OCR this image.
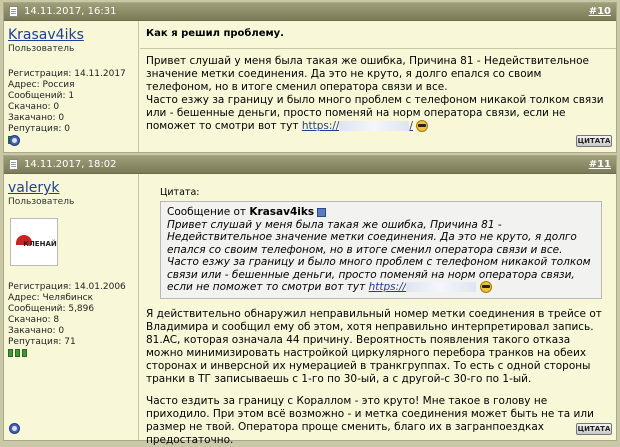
14.11.2017, 16:31	#10
Krasav4iks
Пользователь
Регистрация: 14.11.2017
Адрес: Россия
Сообщений: 1
Скачано: 0
Закачано: 0
Репутация: 0
Как я решил проблему.

Привет слушай у меня была такая же ошибка, Причина 81 - Недействительное значение метки соединения. Да это не круто, я долго епался со своим телефоном, но в итоге сменил оператора связи и все.

Часто езжу за границу и было много проблем с телефоном никакой толком связи или - бешенные деньги, просто поменяй на норм оператора связи, если не поможет то смотри вот тут https://	/

ЦИТАТА
14.11.2017, 18:02	#11
valeryk
Пользователь
КЛЕНАЙ
Регистрация: 14.01.2006
Адрес: Челябинск
Сообщений: 5,896
Скачано: 8
Закачано: 0
Репутация: 71
Цитата:
Сообщение от Krasav4iks

Привет слушай у меня была такая же ошибка, Причина 81 - Недействительное значение метки соединения. Да это не круто, я долго епался со своим телефоном, но в итоге сменил оператора связи и все.

Часто езжу за границу и было много проблем с телефоном никакой толком связи или - бешенные деньги, просто поменяй на норм оператора связи, если не поможет то смотри вот тут https://

Я действительно обнаружил неправильный номер метки соединения в трейсе от Владимира и сообщил ему об этом, хотя неправильно интерпретировал запись. 81.AC, которая означала 44 причину. Вероятность появления такого отказа можно минимизировать настройкой циркулярного перебора транков на обеих сторонах и инверсной их нумерацией в транкгруппах. То есть с одной стороны транки в ТГ записываешь с 1-го по 30-ый, а с другой-с 30-го по 1-ый.

Часто ездить за границу с Кораллом - это круто! Мне такое в голову не приходило. При этом всё возможно - и метка соединения может быть не та или размер не твой. Оператора проще сменить, благо их в загранпоездках предостаточно.

ЦИТАТА
